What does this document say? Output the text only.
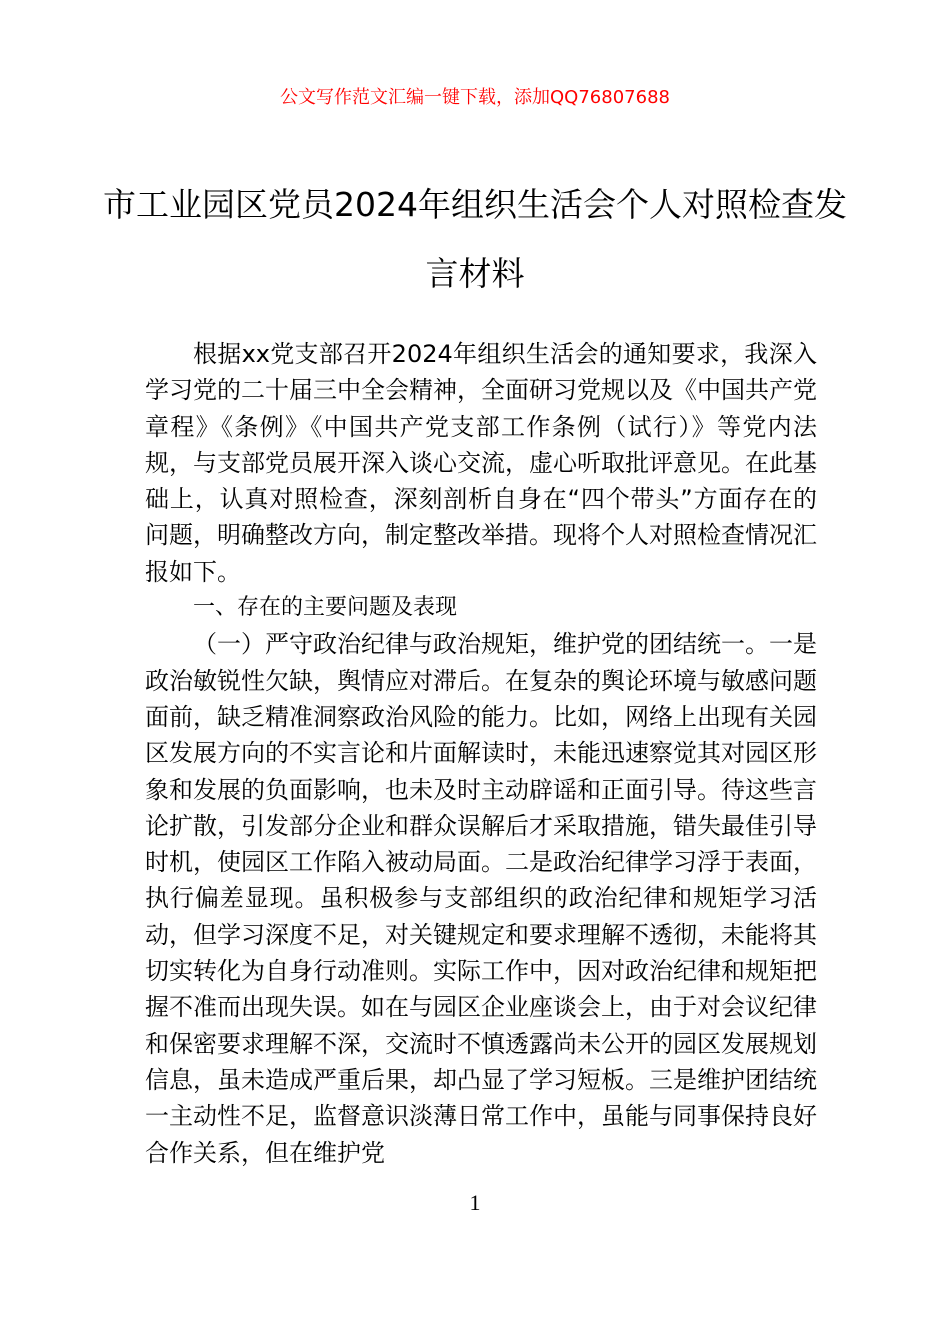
公文写作范文汇编一键下载，添加QQ76807688
市工业园区党员2024年组织生活会个人对照检查发言材料

根据xx党支部召开2024年组织生活会的通知要求，我深入学习党的二十届三中全会精神，全面研习党规以及《中国共产党章程》《条例》《中国共产党支部工作条例（试行）》等党内法规，与支部党员展开深入谈心交流，虚心听取批评意见。在此基础上，认真对照检查，深刻剖析自身在“四个带头”方面存在的问题，明确整改方向，制定整改举措。现将个人对照检查情况汇报如下。

一、存在的主要问题及表现

（一）严守政治纪律与政治规矩，维护党的团结统一。一是政治敏锐性欠缺，舆情应对滞后。在复杂的舆论环境与敏感问题面前，缺乏精准洞察政治风险的能力。比如，网络上出现有关园区发展方向的不实言论和片面解读时，未能迅速察觉其对园区形象和发展的负面影响，也未及时主动辟谣和正面引导。待这些言论扩散，引发部分企业和群众误解后才采取措施，错失最佳引导时机，使园区工作陷入被动局面。二是政治纪律学习浮于表面，执行偏差显现。虽积极参与支部组织的政治纪律和规矩学习活动，但学习深度不足，对关键规定和要求理解不透彻，未能将其切实转化为自身行动准则。实际工作中，因对政治纪律和规矩把握不准而出现失误。如在与园区企业座谈会上，由于对会议纪律和保密要求理解不深，交流时不慎透露尚未公开的园区发展规划信息，虽未造成严重后果，却凸显了学习短板。三是维护团结统一主动性不足，监督意识淡薄日常工作中，虽能与同事保持良好合作关系，但在维护党

1
